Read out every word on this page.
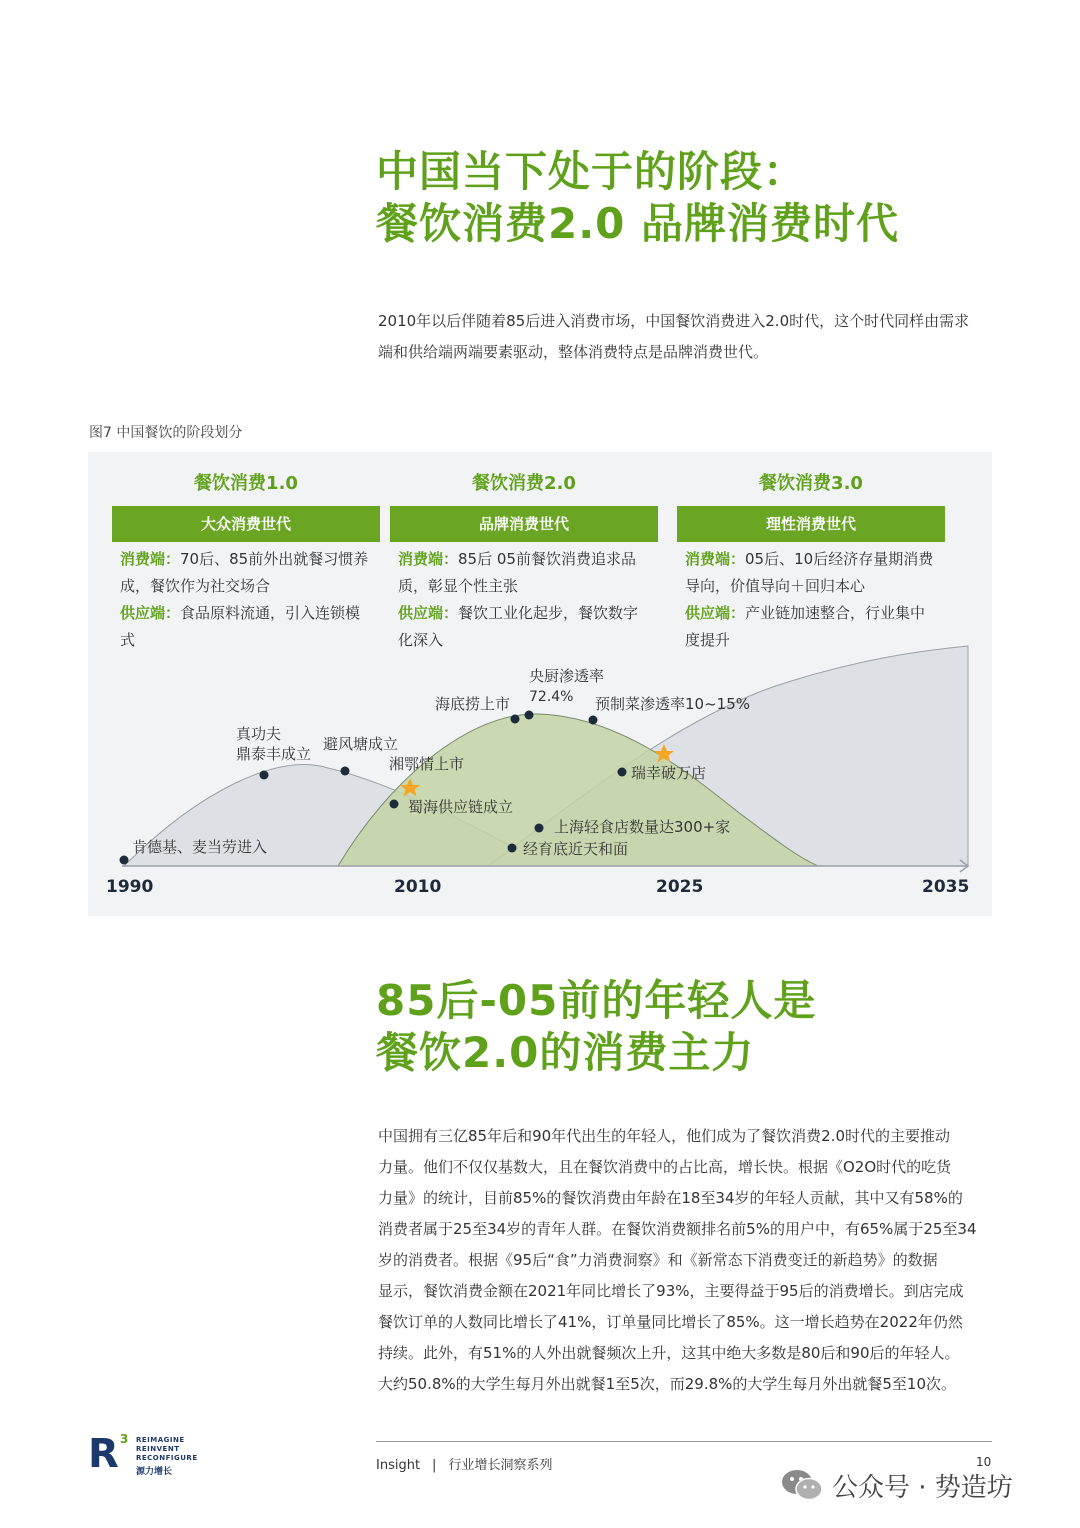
中国当下处于的阶段：
餐饮消费2.0 品牌消费时代

2010年以后伴随着85后进入消费市场，中国餐饮消费进入2.0时代，这个时代同样由需求

端和供给端两端要素驱动，整体消费特点是品牌消费世代。

图7 中国餐饮的阶段划分
肯德基、麦当劳进入
真功夫
鼎泰丰成立
避风塘成立
湘鄂情上市
蜀海供应链成立
海底捞上市
央厨渗透率
72.4% 预制菜渗透率10~15%
瑞幸破万店
上海轻食店数量达300+家
经育底近天和面
1990	2010	2025	2035
餐饮消费1.0
大众消费世代
消费端：70后、85前外出就餐习惯养成，餐饮作为社交场合
供应端：食品原料流通，引入连锁模式
餐饮消费2.0
品牌消费世代
消费端：85后 05前餐饮消费追求品质，彰显个性主张
供应端：餐饮工业化起步，餐饮数字化深入
餐饮消费3.0
理性消费世代
消费端：05后、10后经济存量期消费导向，价值导向＋回归本心
供应端：产业链加速整合，行业集中度提升
85后-05前的年轻人是
餐饮2.0的消费主力

中国拥有三亿85年后和90年代出生的年轻人，他们成为了餐饮消费2.0时代的主要推动

力量。他们不仅仅基数大，且在餐饮消费中的占比高，增长快。根据《O2O时代的吃货

力量》的统计，目前85%的餐饮消费由年龄在18至34岁的年轻人贡献，其中又有58%的

消费者属于25至34岁的青年人群。在餐饮消费额排名前5%的用户中，有65%属于25至34

岁的消费者。根据《95后“食”力消费洞察》和《新常态下消费变迁的新趋势》的数据

显示，餐饮消费金额在2021年同比增长了93%，主要得益于95后的消费增长。到店完成

餐饮订单的人数同比增长了41%，订单量同比增长了85%。这一增长趋势在2022年仍然

持续。此外，有51%的人外出就餐频次上升，这其中绝大多数是80后和90后的年轻人。

大约50.8%的大学生每月外出就餐1至5次，而29.8%的大学生每月外出就餐5至10次。

R 3 REIMAGINE
REINVENT
RECONFIGURE
源力增长	Insight | 行业增长洞察系列	10
公众号 · 势造坊
